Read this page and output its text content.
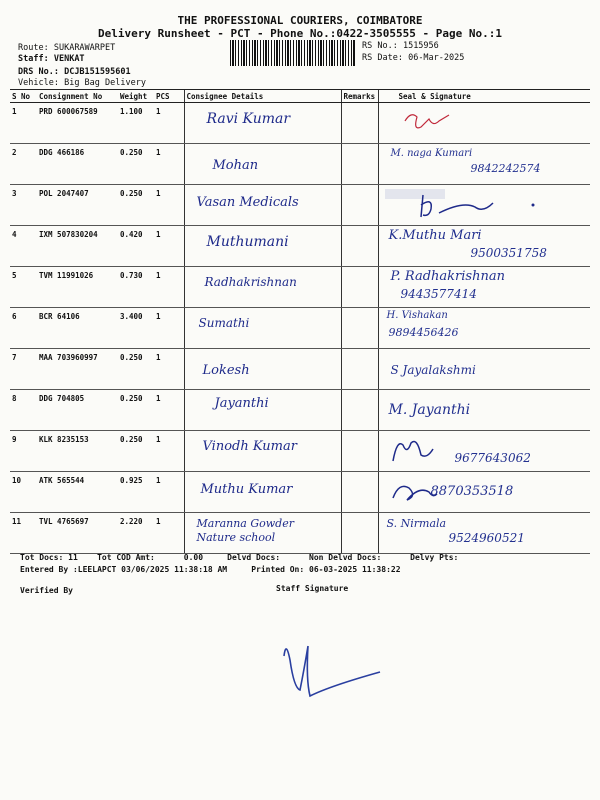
THE PROFESSIONAL COURIERS, COIMBATORE
Delivery Runsheet - PCT - Phone No.:0422-3505555 - Page No.:1
Route: SUKARAWARPET
Staff: VENKAT
DRS No.: DCJB151595601
Vehicle: Big Bag Delivery
RS No.: 1515956
RS Date: 06-Mar-2025
S No	Consignment No	Weight	PCS	Consignee Details	Remarks	Seal & Signature
1	PRD 600067589	1.100	1	Ravi Kumar

2	DDG 466186	0.250	1	Mohan		M. naga Kumari
9842242574

3	POL 2047407	0.250	1	Vasan Medicals

4	IXM 507830204	0.420	1	Muthumani		K.Muthu Mari
9500351758

5	TVM 11991026	0.730	1	Radhakrishnan		P. Radhakrishnan
9443577414

6	BCR 64106	3.400	1	Sumathi		H. Vishakan
9894456426

7	MAA 703960997	0.250	1	Lokesh		S Jayalakshmi

8	DDG 704805	0.250	1	Jayanthi		M. Jayanthi

9	KLK 8235153	0.250	1	Vinodh Kumar		9677643062

10	ATK 565544	0.925	1	Muthu Kumar		8870353518

11	TVL 4765697	2.220	1	Maranna Gowder Nature school		S. Nirmala
9524960521
Tot Docs: 11 Tot COD Amt:	0.00	Delvd Docs:	Non Delvd Docs:	Delvy Pts:
Entered By :LEELAPCT 03/06/2025 11:38:18 AM	Printed On: 06-03-2025 11:38:22
Verified By	Staff Signature
